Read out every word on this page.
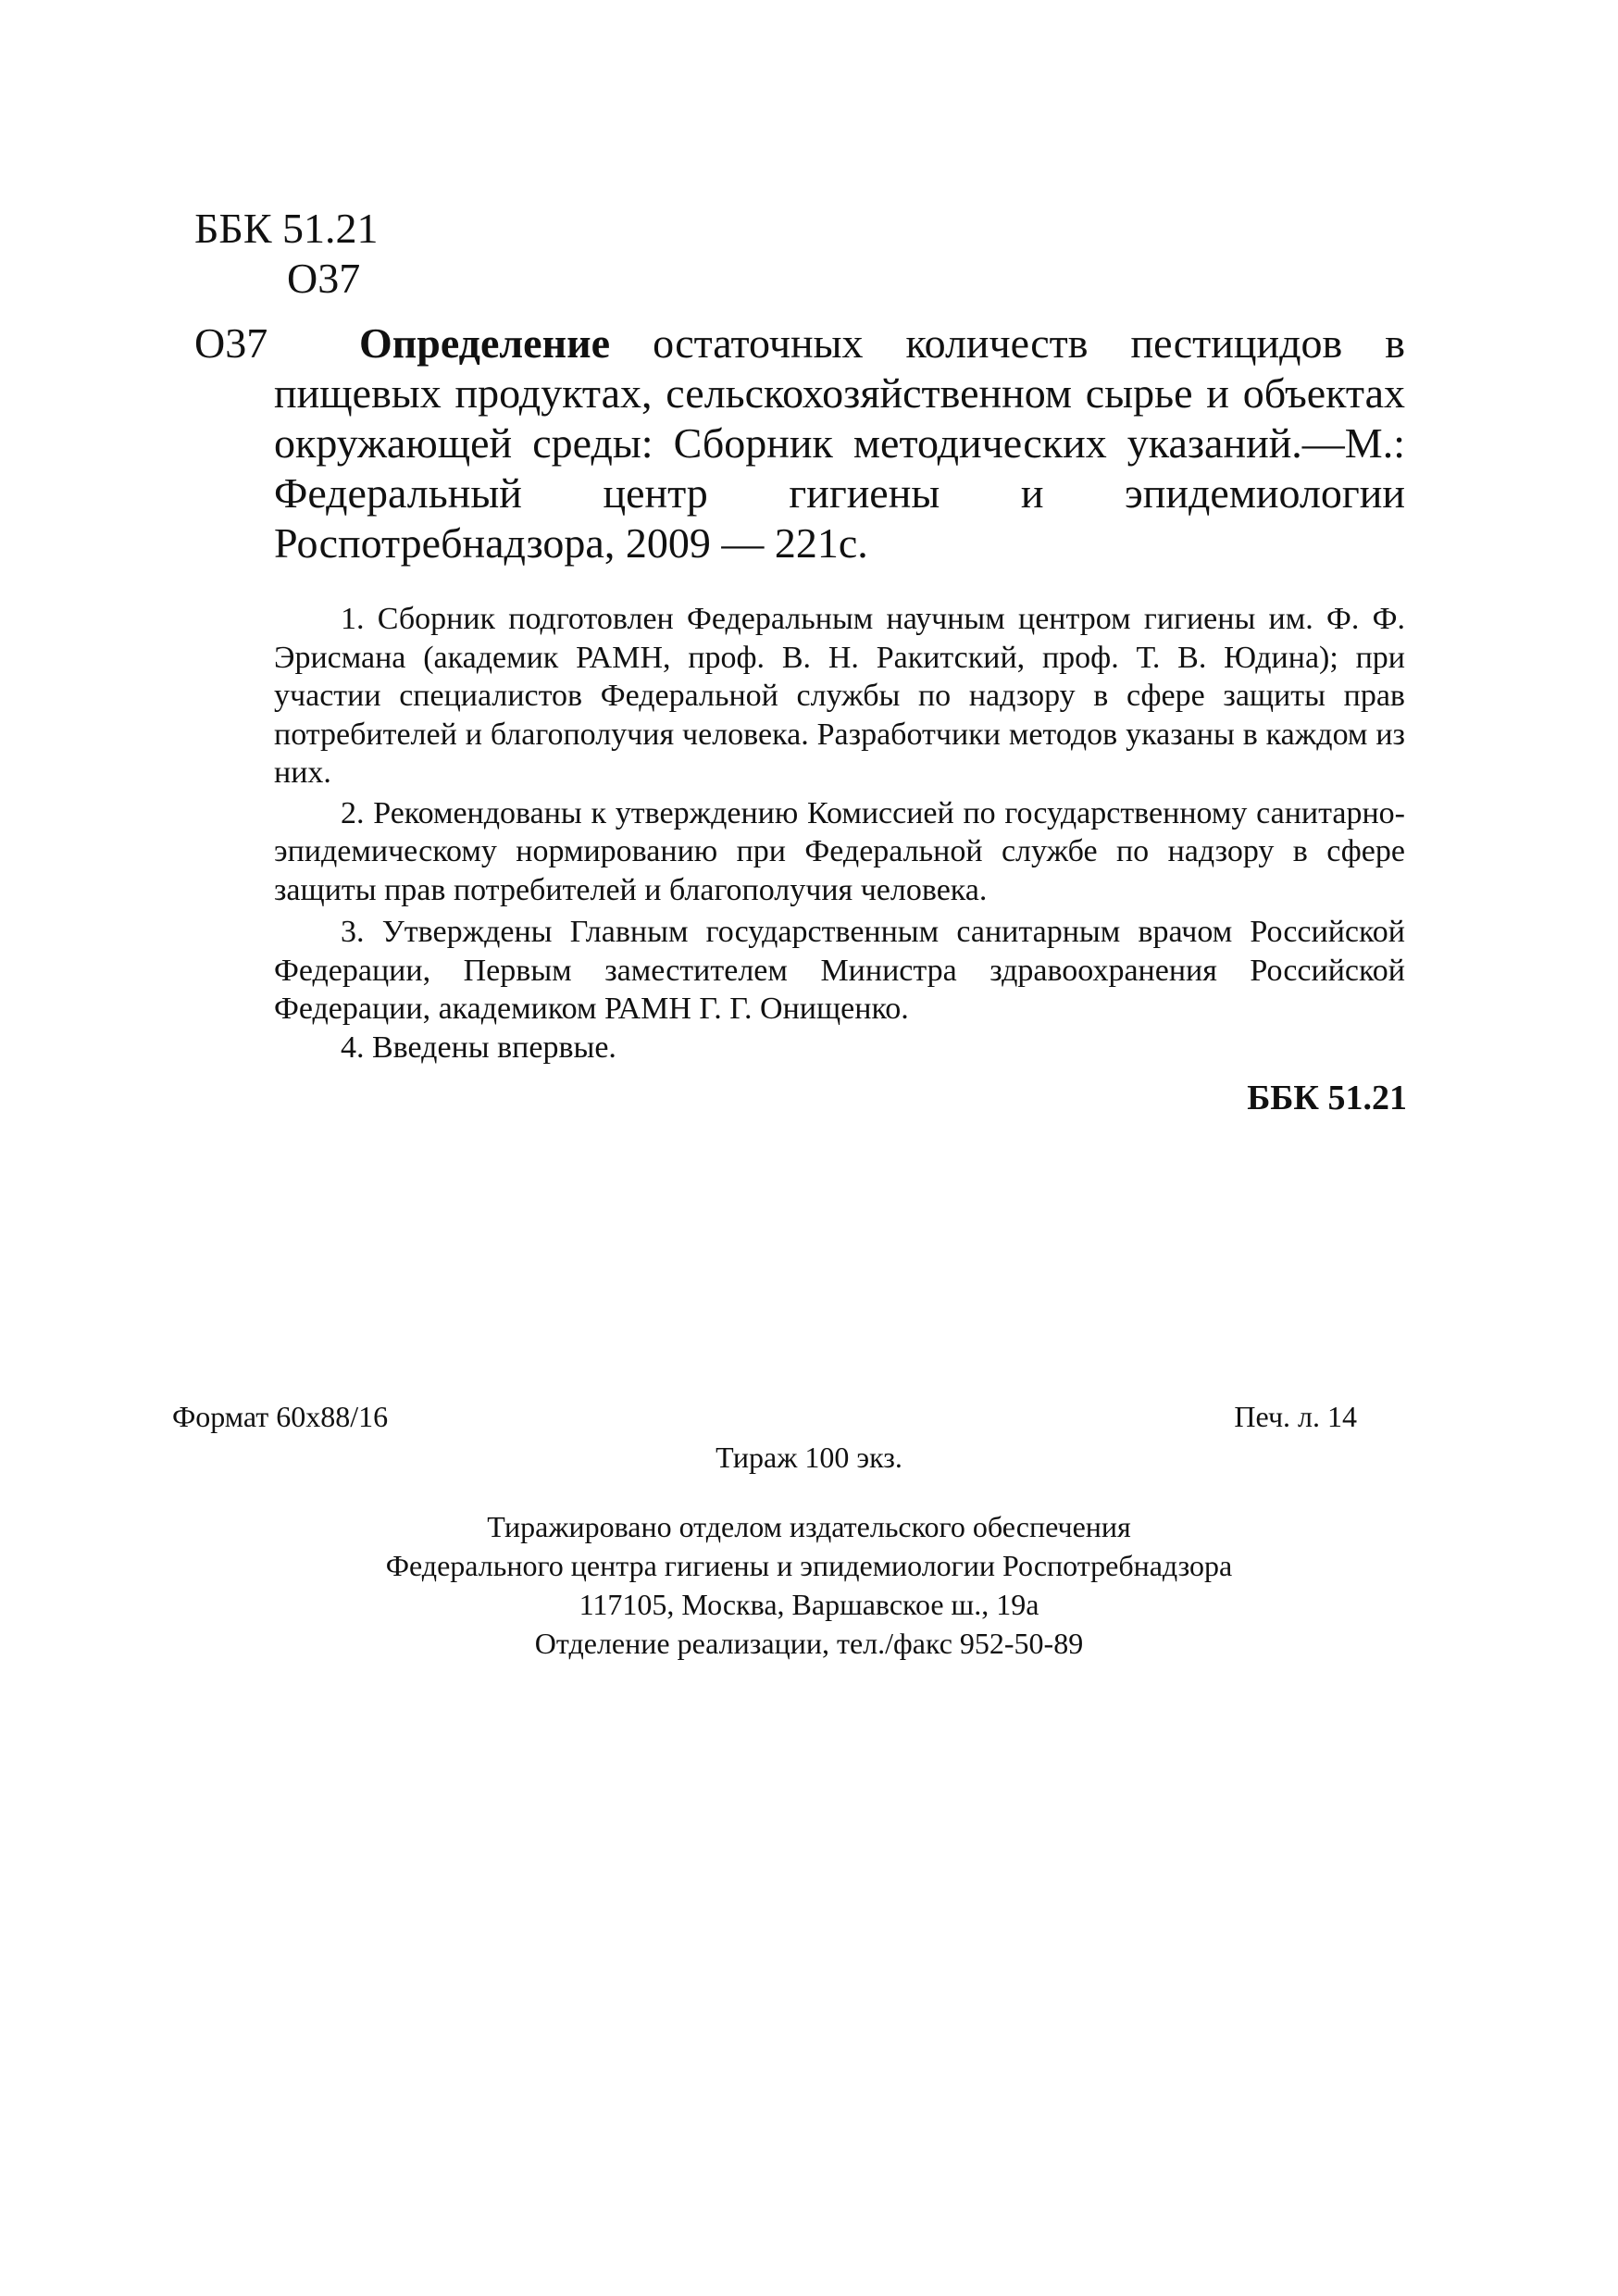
ББК 51.21
О37
О37	Определение остаточных количеств пестицидов в пищевых продуктах, сельскохозяйственном сырье и объектах окружающей среды: Сборник методических указаний.—М.: Федеральный центр гигиены и эпидемиологии Роспотребнадзора, 2009 — 221с.

1. Сборник подготовлен Федеральным научным центром гигиены им. Ф. Ф. Эрисмана (академик РАМН, проф. В. Н. Ракитский, проф. Т. В. Юдина); при участии специалистов Федеральной службы по надзору в сфере защиты прав потребителей и благополучия человека. Разработчики методов указаны в каждом из них.

2. Рекомендованы к утверждению Комиссией по государственному санитарно-эпидемическому нормированию при Федеральной службе по надзору в сфере защиты прав потребителей и благополучия человека.

3. Утверждены Главным государственным санитарным врачом Российской Федерации, Первым заместителем Министра здравоохранения Российской Федерации, академиком РАМН Г. Г. Онищенко.

4. Введены впервые.

ББК 51.21
Формат 60х88/16	Печ. л. 14
Тираж 100 экз.
Тиражировано отделом издательского обеспечения
Федерального центра гигиены и эпидемиологии Роспотребнадзора
117105, Москва, Варшавское ш., 19а
Отделение реализации, тел./факс 952-50-89
